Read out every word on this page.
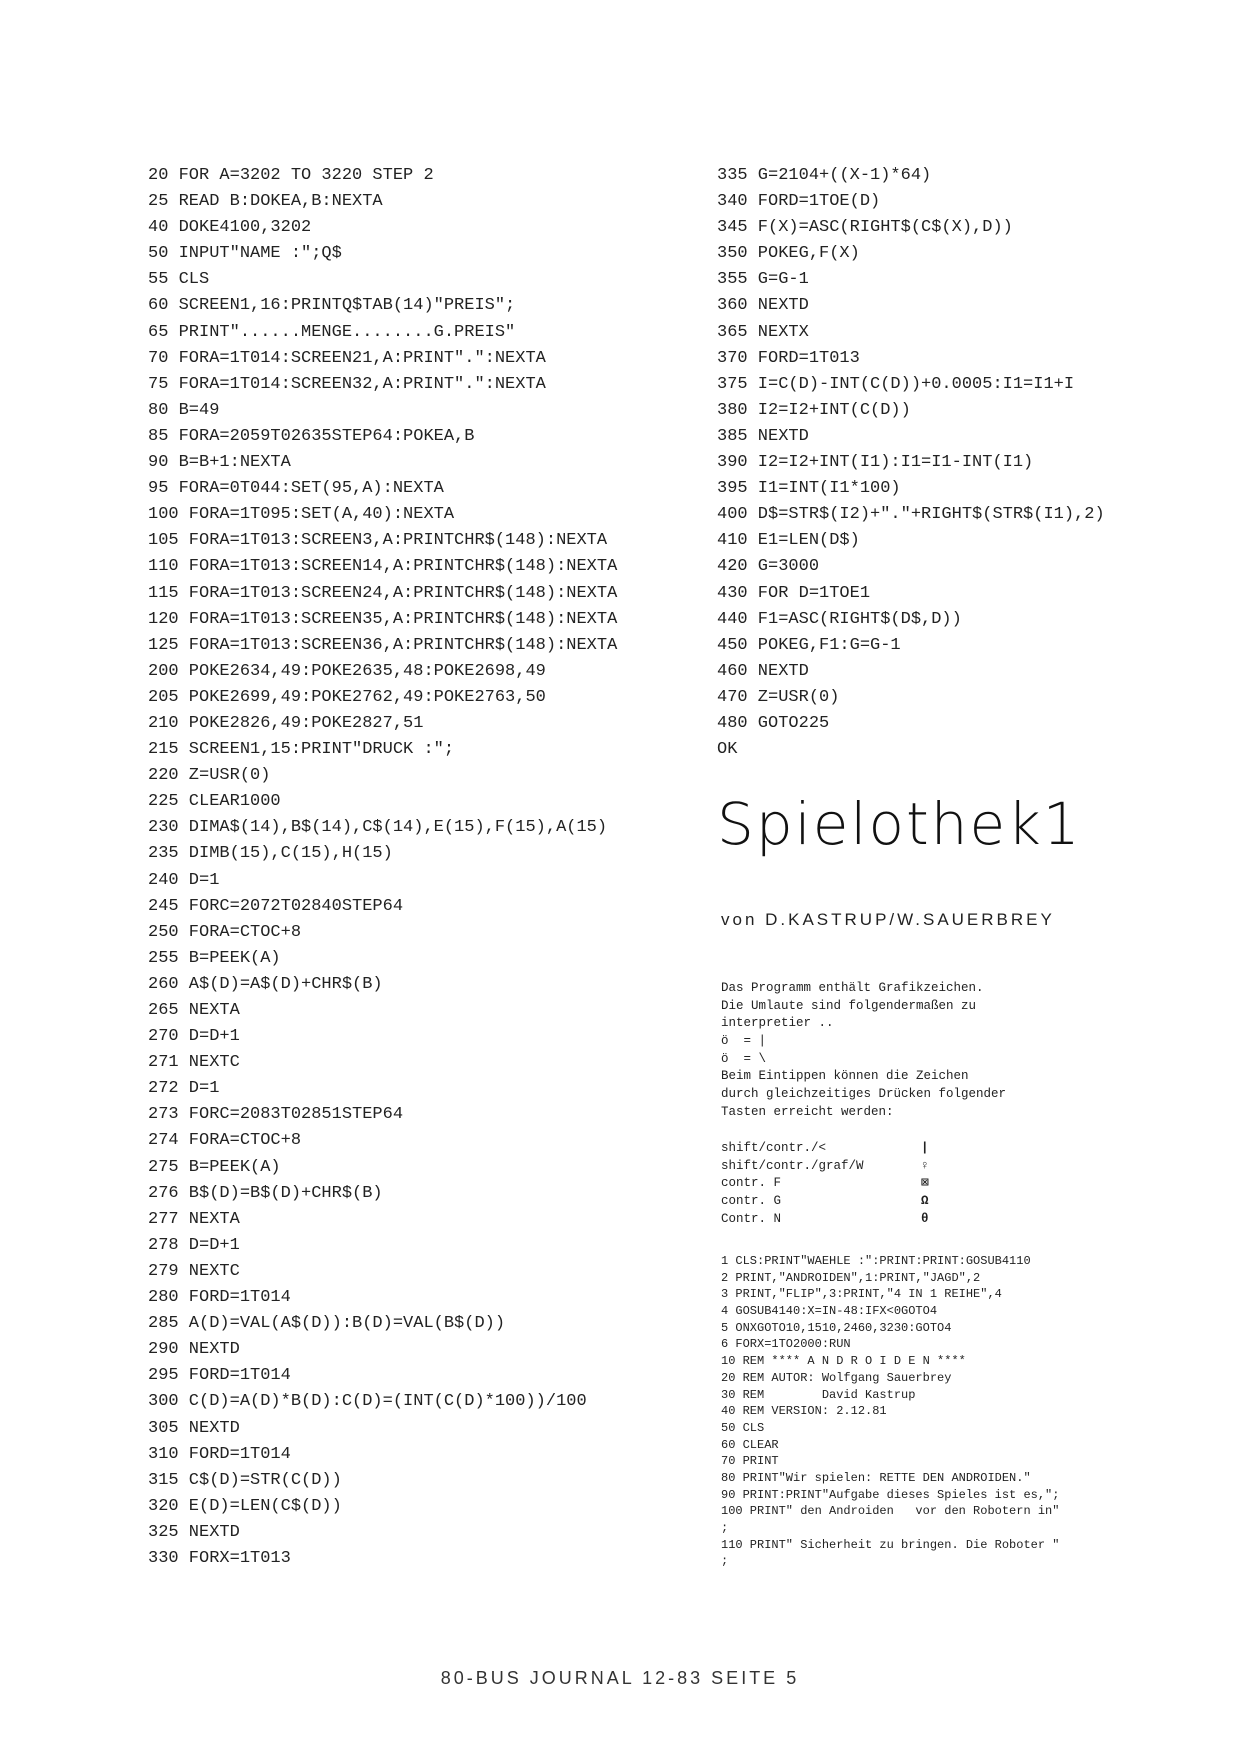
20 FOR A=3202 TO 3220 STEP 2
25 READ B:DOKEA,B:NEXTA
40 DOKE4100,3202
50 INPUT"NAME :";Q$
55 CLS
60 SCREEN1,16:PRINTQ$TAB(14)"PREIS";
65 PRINT"......MENGE........G.PREIS"
70 FORA=1T014:SCREEN21,A:PRINT".":NEXTA
75 FORA=1T014:SCREEN32,A:PRINT".":NEXTA
80 B=49
85 FORA=2059T02635STEP64:POKEA,B
90 B=B+1:NEXTA
95 FORA=0T044:SET(95,A):NEXTA
100 FORA=1T095:SET(A,40):NEXTA
105 FORA=1T013:SCREEN3,A:PRINTCHR$(148):NEXTA
110 FORA=1T013:SCREEN14,A:PRINTCHR$(148):NEXTA
115 FORA=1T013:SCREEN24,A:PRINTCHR$(148):NEXTA
120 FORA=1T013:SCREEN35,A:PRINTCHR$(148):NEXTA
125 FORA=1T013:SCREEN36,A:PRINTCHR$(148):NEXTA
200 POKE2634,49:POKE2635,48:POKE2698,49
205 POKE2699,49:POKE2762,49:POKE2763,50
210 POKE2826,49:POKE2827,51
215 SCREEN1,15:PRINT"DRUCK :";
220 Z=USR(0)
225 CLEAR1000
230 DIMA$(14),B$(14),C$(14),E(15),F(15),A(15)
235 DIMB(15),C(15),H(15)
240 D=1
245 FORC=2072T02840STEP64
250 FORA=CTOC+8
255 B=PEEK(A)
260 A$(D)=A$(D)+CHR$(B)
265 NEXTA
270 D=D+1
271 NEXTC
272 D=1
273 FORC=2083T02851STEP64
274 FORA=CTOC+8
275 B=PEEK(A)
276 B$(D)=B$(D)+CHR$(B)
277 NEXTA
278 D=D+1
279 NEXTC
280 FORD=1T014
285 A(D)=VAL(A$(D)):B(D)=VAL(B$(D))
290 NEXTD
295 FORD=1T014
300 C(D)=A(D)*B(D):C(D)=(INT(C(D)*100))/100
305 NEXTD
310 FORD=1T014
315 C$(D)=STR(C(D))
320 E(D)=LEN(C$(D))
325 NEXTD
330 FORX=1T013
335 G=2104+((X-1)*64)
340 FORD=1TOE(D)
345 F(X)=ASC(RIGHT$(C$(X),D))
350 POKEG,F(X)
355 G=G-1
360 NEXTD
365 NEXTX
370 FORD=1T013
375 I=C(D)-INT(C(D))+0.0005:I1=I1+I
380 I2=I2+INT(C(D))
385 NEXTD
390 I2=I2+INT(I1):I1=I1-INT(I1)
395 I1=INT(I1*100)
400 D$=STR$(I2)+"."+RIGHT$(STR$(I1),2)
410 E1=LEN(D$)
420 G=3000
430 FOR D=1TOE1
440 F1=ASC(RIGHT$(D$,D))
450 POKEG,F1:G=G-1
460 NEXTD
470 Z=USR(0)
480 GOTO225
OK
Spielothek1
von D.KASTRUP/W.SAUERBREY
Das Programm enthält Grafikzeichen.
Die Umlaute sind folgendermaßen zu
interpretier ..
ö  = |
ö  = \
Beim Eintippen können die Zeichen
durch gleichzeitiges Drücken folgender
Tasten erreicht werden:
shift/contr./<	|
shift/contr./graf/W	♀
contr. F	⊠
contr. G	Ω
Contr. N	θ
1 CLS:PRINT"WAEHLE :":PRINT:PRINT:GOSUB4110
2 PRINT,"ANDROIDEN",1:PRINT,"JAGD",2
3 PRINT,"FLIP",3:PRINT,"4 IN 1 REIHE",4
4 GOSUB4140:X=IN-48:IFX<0GOTO4
5 ONXGOTO10,1510,2460,3230:GOTO4
6 FORX=1TO2000:RUN
10 REM **** A N D R O I D E N ****
20 REM AUTOR: Wolfgang Sauerbrey
30 REM        David Kastrup
40 REM VERSION: 2.12.81
50 CLS
60 CLEAR
70 PRINT
80 PRINT"Wir spielen: RETTE DEN ANDROIDEN."
90 PRINT:PRINT"Aufgabe dieses Spieles ist es,";
100 PRINT" den Androiden   vor den Robotern in"
;
110 PRINT" Sicherheit zu bringen. Die Roboter "
;
80-BUS JOURNAL 12-83 SEITE 5
